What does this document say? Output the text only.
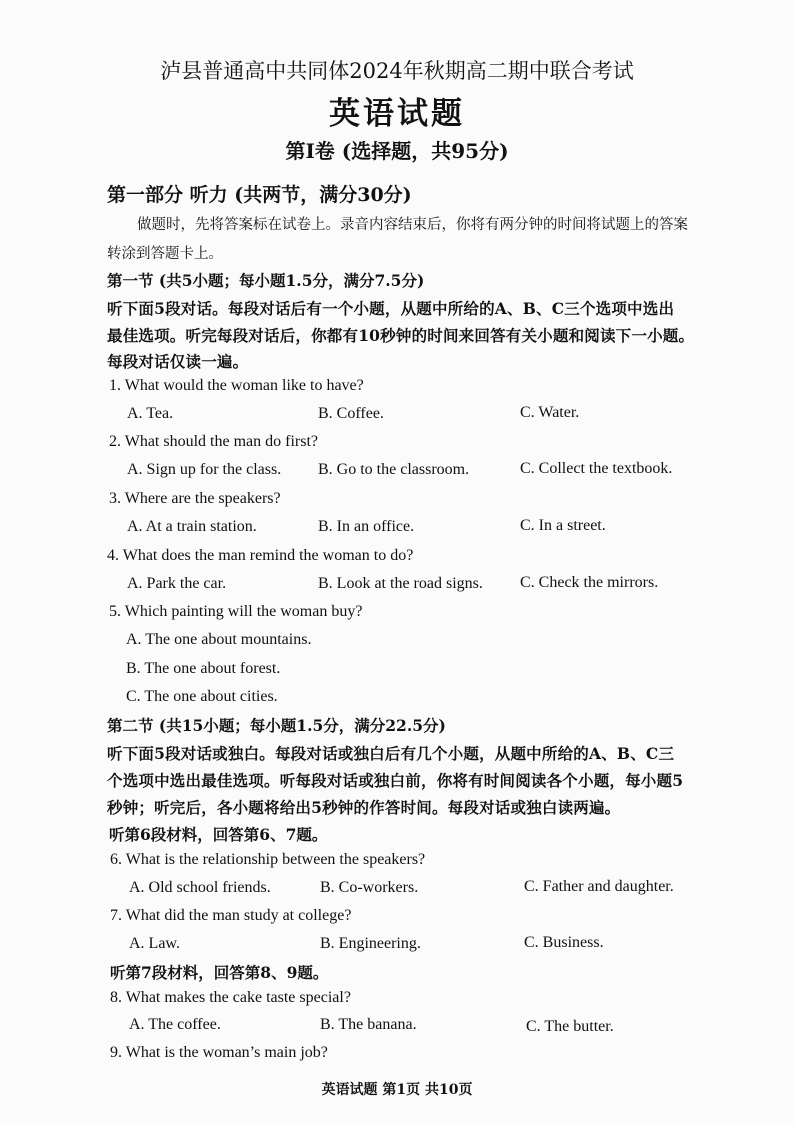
泸县普通高中共同体2024年秋期高二期中联合考试
英语试题
第Ⅰ卷 (选择题，共95分)
第一部分 听力 (共两节，满分30分)
做题时，先将答案标在试卷上。录音内容结束后，你将有两分钟的时间将试题上的答案
转涂到答题卡上。
第一节 (共5小题；每小题1.5分，满分7.5分)
听下面5段对话。每段对话后有一个小题，从题中所给的A、B、C三个选项中选出
最佳选项。听完每段对话后，你都有10秒钟的时间来回答有关小题和阅读下一小题。
每段对话仅读一遍。
1. What would the woman like to have?
A. Tea.	B. Coffee.	C. Water.
2. What should the man do first?
A. Sign up for the class. B. Go to the classroom.	C. Collect the textbook.
3. Where are the speakers?
A. At a train station.	B. In an office.	C. In a street.
4. What does the man remind the woman to do?
A. Park the car.	B. Look at the road signs. C. Check the mirrors.
5. Which painting will the woman buy?
A. The one about mountains.
B. The one about forest.
C. The one about cities.
第二节 (共15小题；每小题1.5分，满分22.5分)
听下面5段对话或独白。每段对话或独白后有几个小题，从题中所给的A、B、C三
个选项中选出最佳选项。听每段对话或独白前，你将有时间阅读各个小题，每小题5
秒钟；听完后，各小题将给出5秒钟的作答时间。每段对话或独白读两遍。
听第6段材料，回答第6、7题。
6. What is the relationship between the speakers?
A. Old school friends.	B. Co-workers.	C. Father and daughter.
7. What did the man study at college?
A. Law.	B. Engineering.	C. Business.
听第7段材料，回答第8、9题。
8. What makes the cake taste special?
A. The coffee.	B. The banana.	C. The butter.
9. What is the woman’s main job?
英语试题 第1页 共10页
